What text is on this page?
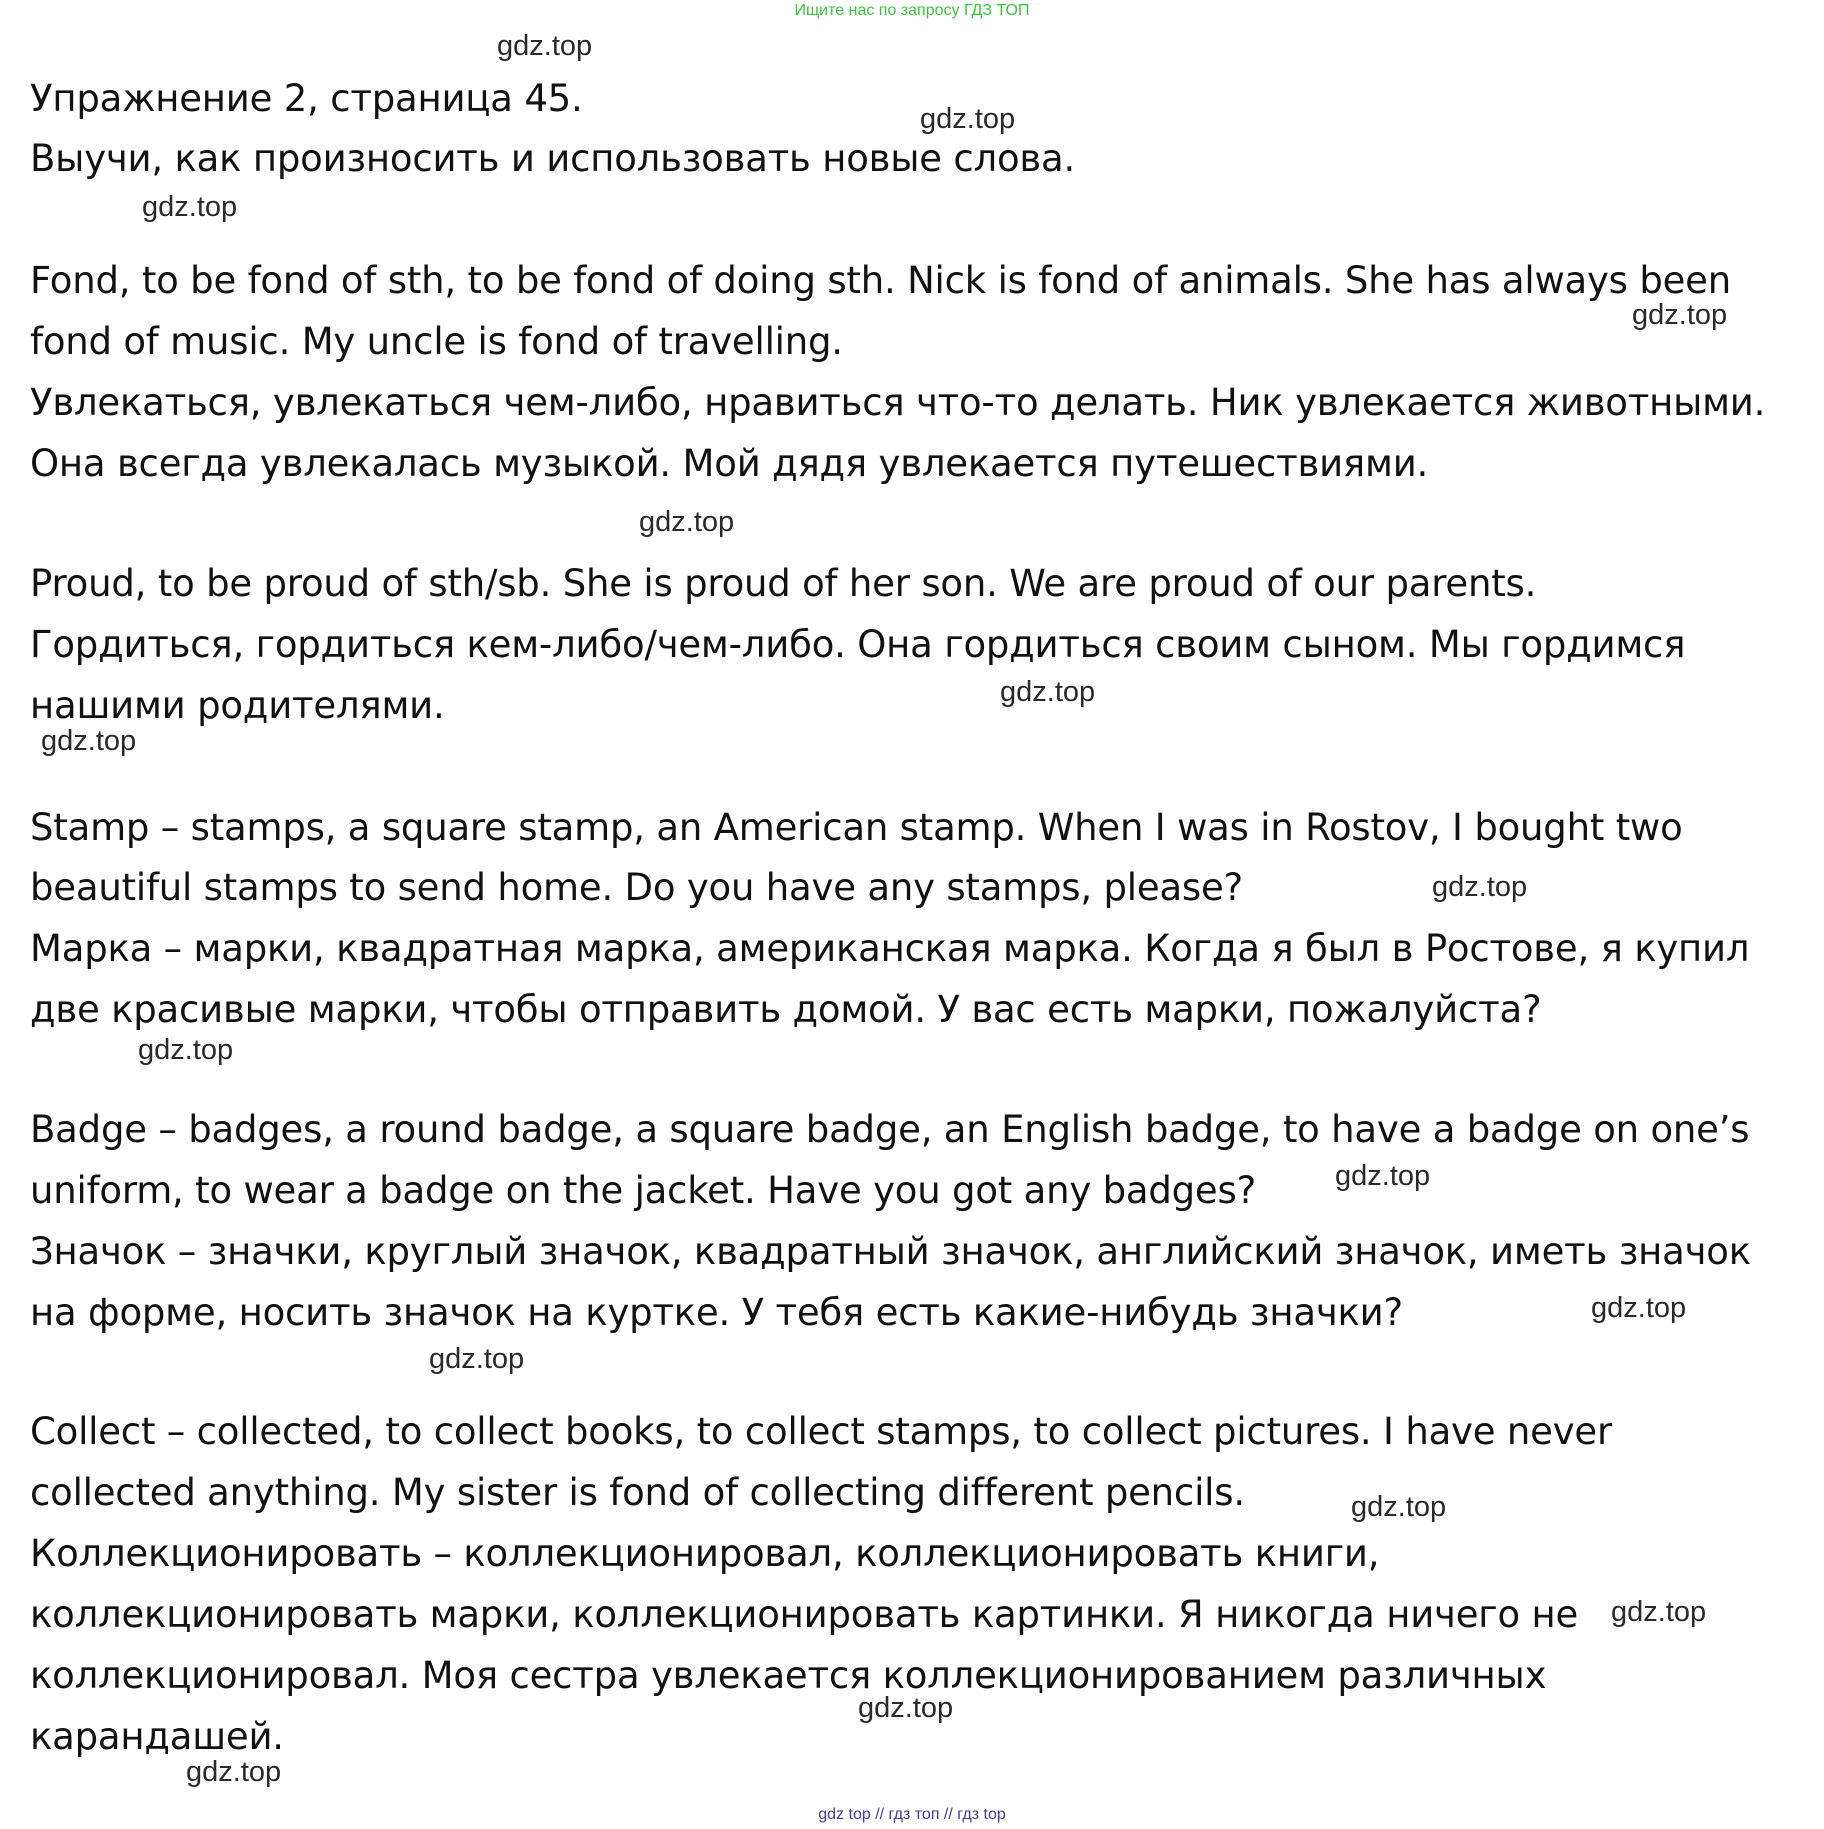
Ищите нас по запросу ГДЗ ТОП
Упражнение 2, страница 45.
Выучи, как произносить и использовать новые слова.
Fond, to be fond of sth, to be fond of doing sth. Nick is fond of animals. She has always been
fond of music. My uncle is fond of travelling.
Увлекаться, увлекаться чем-либо, нравиться что-то делать. Ник увлекается животными.
Она всегда увлекалась музыкой. Мой дядя увлекается путешествиями.
Proud, to be proud of sth/sb. She is proud of her son. We are proud of our parents.
Гордиться, гордиться кем-либо/чем-либо. Она гордиться своим сыном. Мы гордимся
нашими родителями.
Stamp – stamps, a square stamp, an American stamp. When I was in Rostov, I bought two
beautiful stamps to send home. Do you have any stamps, please?
Марка – марки, квадратная марка, американская марка. Когда я был в Ростове, я купил
две красивые марки, чтобы отправить домой. У вас есть марки, пожалуйста?
Badge – badges, a round badge, a square badge, an English badge, to have a badge on one’s
uniform, to wear a badge on the jacket. Have you got any badges?
Значок – значки, круглый значок, квадратный значок, английский значок, иметь значок
на форме, носить значок на куртке. У тебя есть какие-нибудь значки?
Collect – collected, to collect books, to collect stamps, to collect pictures. I have never
collected anything. My sister is fond of collecting different pencils.
Коллекционировать – коллекционировал, коллекционировать книги,
коллекционировать марки, коллекционировать картинки. Я никогда ничего не
коллекционировал. Моя сестра увлекается коллекционированием различных
карандашей.
gdz.top
gdz.top
gdz.top
gdz.top
gdz.top
gdz.top
gdz.top
gdz.top
gdz.top
gdz.top
gdz.top
gdz.top
gdz.top
gdz.top
gdz.top
gdz.top
gdz top // гдз топ // гдз top
